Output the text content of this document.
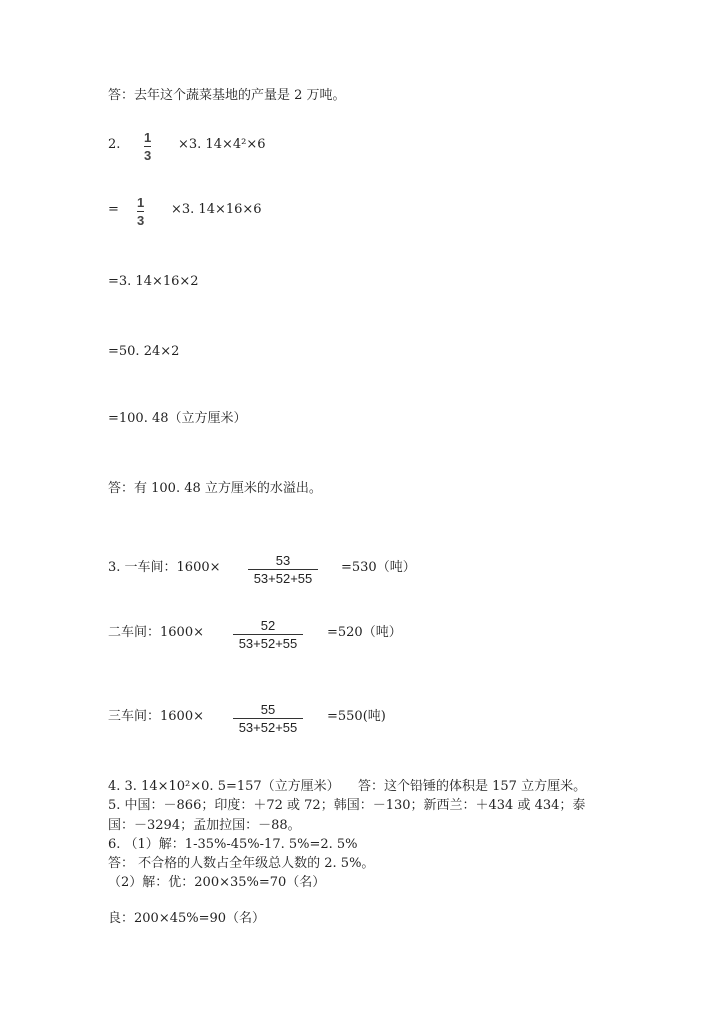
答：去年这个蔬菜基地的产量是 2 万吨。
2. 1
3
×3. 14×4²×6
= 1
3
×3. 14×16×6
=3. 14×16×2
=50. 24×2
=100. 48（立方厘米）
答：有 100. 48 立方厘米的水溢出。
3. 一车间：1600×	53
53+52+55
=530（吨）
二车间：1600×	52
53+52+55
=520（吨）
三车间：1600×	55
53+52+55
=550(吨)
4. 3. 14×10²×0. 5=157（立方厘米） 答：这个铅锤的体积是 157 立方厘米。
5. 中国：－866；印度：＋72 或 72；韩国：－130；新西兰：＋434 或 434；泰
国：－3294；孟加拉国：－88。
6. （1）解：1-35%-45%-17. 5%=2. 5%
答： 不合格的人数占全年级总人数的 2. 5%。
（2）解：优：200×35%=70（名）
良：200×45%=90（名）
